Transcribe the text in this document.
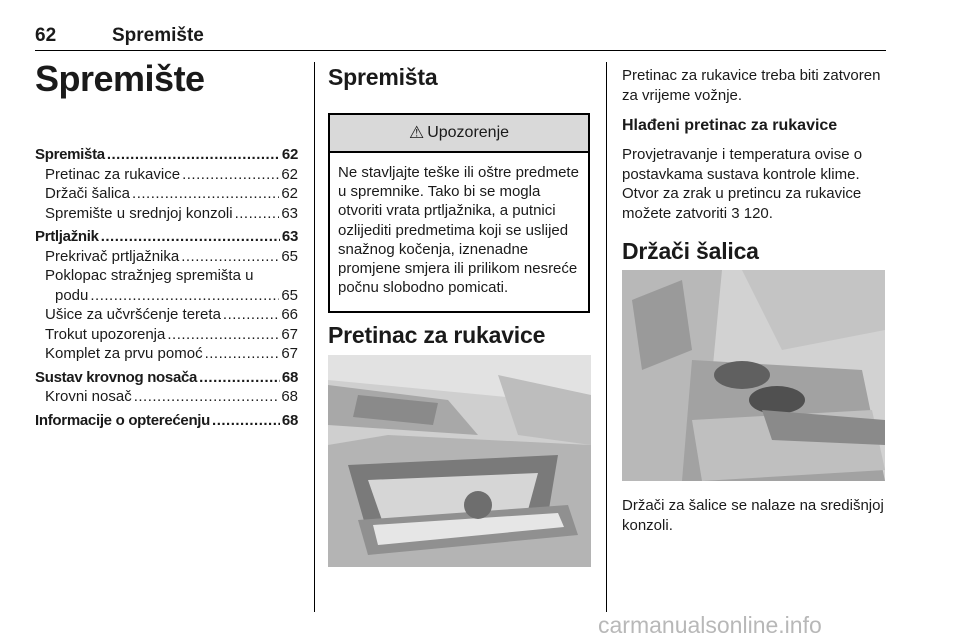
62	Spremište
Spremište
Spremišta .....	62
Pretinac za rukavice .....	62
Držači šalica .....	62
Spremište u srednjoj konzoli .....	63
Prtljažnik .....	63
Prekrivač prtljažnika .....	65
Poklopac stražnjeg spremišta u
podu .....	65
Ušice za učvršćenje tereta .....	66
Trokut upozorenja .....	67
Komplet za prvu pomoć .....	67
Sustav krovnog nosača .....	68
Krovni nosač .....	68
Informacije o opterećenju .....	68
Spremišta
⚠ Upozorenje
Ne stavljajte teške ili oštre predmete u spremnike. Tako bi se mogla otvoriti vrata prtljažnika, a putnici ozlijediti predmetima koji se uslijed snažnog kočenja, iznenadne promjene smjera ili prilikom nesreće počnu slobodno pomicati.
Pretinac za rukavice
Pretinac za rukavice treba biti zatvoren za vrijeme vožnje.
Hlađeni pretinac za rukavice
Provjetravanje i temperatura ovise o postavkama sustava kontrole klime. Otvor za zrak u pretincu za rukavice možete zatvoriti 3 120.
Držači šalica
Držači za šalice se nalaze na središnjoj konzoli.
carmanualsonline.info
